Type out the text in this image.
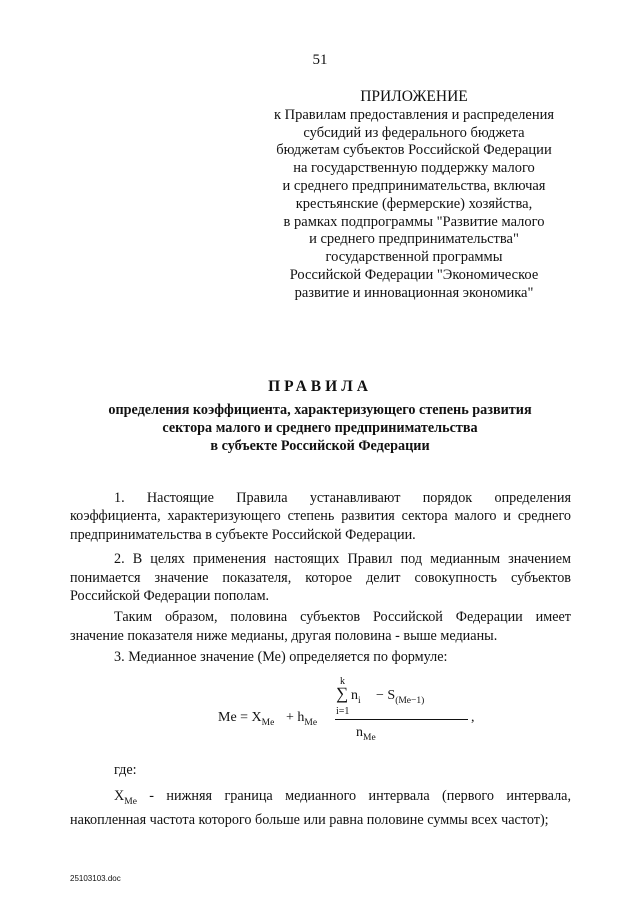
51
ПРИЛОЖЕНИЕ
к Правилам предоставления и распределения
субсидий из федерального бюджета
бюджетам субъектов Российской Федерации
на государственную поддержку малого
и среднего предпринимательства, включая
крестьянские (фермерские) хозяйства,
в рамках подпрограммы "Развитие малого
и среднего предпринимательства"
государственной программы
Российской Федерации "Экономическое
развитие и инновационная экономика"
ПРАВИЛА
определения коэффициента, характеризующего степень развития
сектора малого и среднего предпринимательства
в субъекте Российской Федерации

1. Настоящие Правила устанавливают порядок определения коэффициента, характеризующего степень развития сектора малого и среднего предпринимательства в субъекте Российской Федерации.

2. В целях применения настоящих Правил под медианным значением понимается значение показателя, которое делит совокупность субъектов Российской Федерации пополам.

Таким образом, половина субъектов Российской Федерации имеет значение показателя ниже медианы, другая половина - выше медианы.

3. Медианное значение (Ме) определяется по формуле:

$Me = X_{Me} + h_{Me}$
k
∑
i=1
$n_i - S_{(Me-1)}$
$n_{Me}$
,
где:
$X_{Me}$ - нижняя граница медианного интервала (первого интервала, накопленная частота которого больше или равна половине суммы всех частот);
25103103.doc
